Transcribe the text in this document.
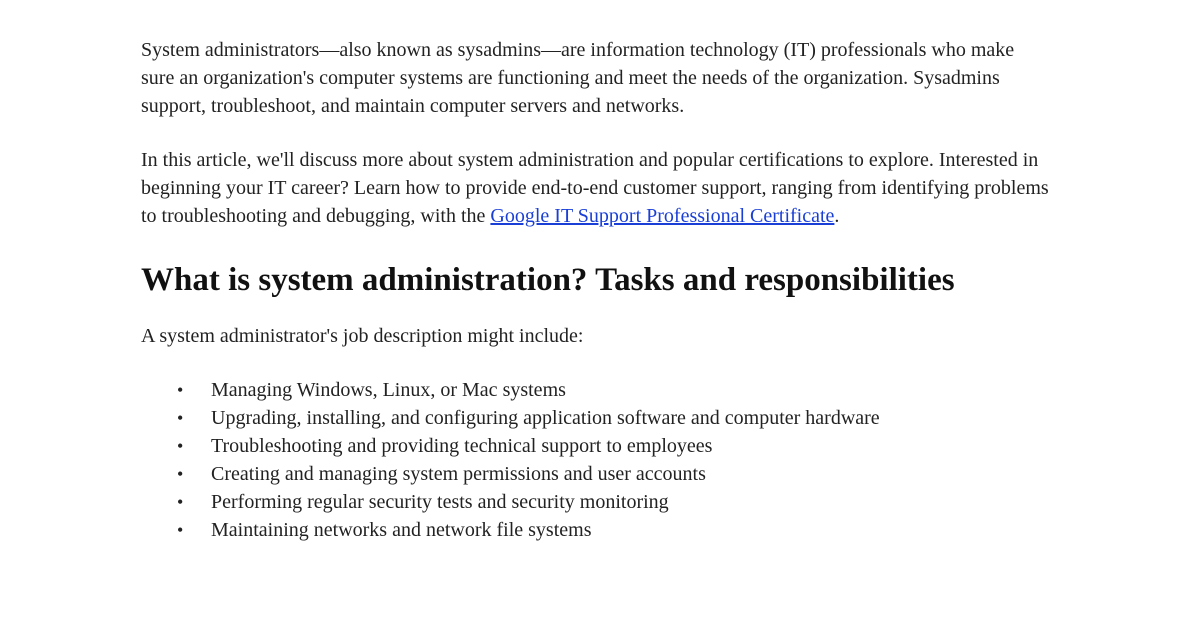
System administrators—also known as sysadmins—are information technology (IT) professionals who make sure an organization's computer systems are functioning and meet the needs of the organization. Sysadmins support, troubleshoot, and maintain computer servers and networks.

In this article, we'll discuss more about system administration and popular certifications to explore. Interested in beginning your IT career? Learn how to provide end-to-end customer support, ranging from identifying problems to troubleshooting and debugging, with the Google IT Support Professional Certificate.

What is system administration? Tasks and responsibilities

A system administrator's job description might include:

• Managing Windows, Linux, or Mac systems
• Upgrading, installing, and configuring application software and computer hardware
• Troubleshooting and providing technical support to employees
• Creating and managing system permissions and user accounts
• Performing regular security tests and security monitoring
• Maintaining networks and network file systems
